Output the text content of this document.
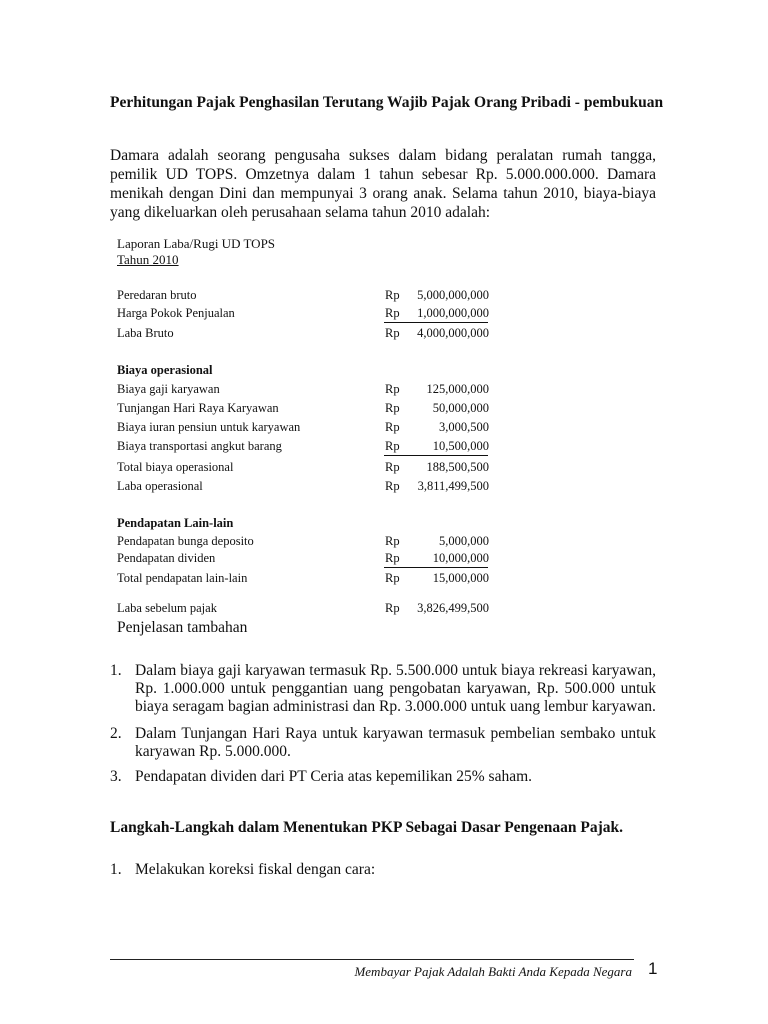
Perhitungan Pajak Penghasilan Terutang Wajib Pajak Orang Pribadi - pembukuan
Damara adalah seorang pengusaha sukses dalam bidang peralatan rumah tangga, pemilik UD TOPS. Omzetnya dalam 1 tahun sebesar Rp. 5.000.000.000. Damara menikah dengan Dini dan mempunyai 3 orang anak. Selama tahun 2010, biaya-biaya yang dikeluarkan oleh perusahaan selama tahun 2010 adalah:
Laporan Laba/Rugi UD TOPS
Tahun 2010
Peredaran bruto	Rp 5,000,000,000
Harga Pokok Penjualan	Rp 1,000,000,000
Laba Bruto	Rp 4,000,000,000
Biaya operasional
Biaya gaji karyawan	Rp 125,000,000
Tunjangan Hari Raya Karyawan	Rp	50,000,000
Biaya iuran pensiun untuk karyawan	Rp	3,000,500
Biaya transportasi angkut barang	Rp	10,500,000
Total biaya operasional	Rp 188,500,500
Laba operasional	Rp 3,811,499,500
Pendapatan Lain-lain
Pendapatan bunga deposito	Rp	5,000,000
Pendapatan dividen	Rp	10,000,000
Total pendapatan lain-lain	Rp	15,000,000
Laba sebelum pajak	Rp 3,826,499,500
Penjelasan tambahan
1. Dalam biaya gaji karyawan termasuk Rp. 5.500.000 untuk biaya rekreasi karyawan, Rp. 1.000.000 untuk penggantian uang pengobatan karyawan, Rp. 500.000 untuk biaya seragam bagian administrasi dan Rp. 3.000.000 untuk uang lembur karyawan.
2. Dalam Tunjangan Hari Raya untuk karyawan termasuk pembelian sembako untuk karyawan Rp. 5.000.000.
3. Pendapatan dividen dari PT Ceria atas kepemilikan 25% saham.
Langkah-Langkah dalam Menentukan PKP Sebagai Dasar Pengenaan Pajak.
1. Melakukan koreksi fiskal dengan cara:
Membayar Pajak Adalah Bakti Anda Kepada Negara 1
